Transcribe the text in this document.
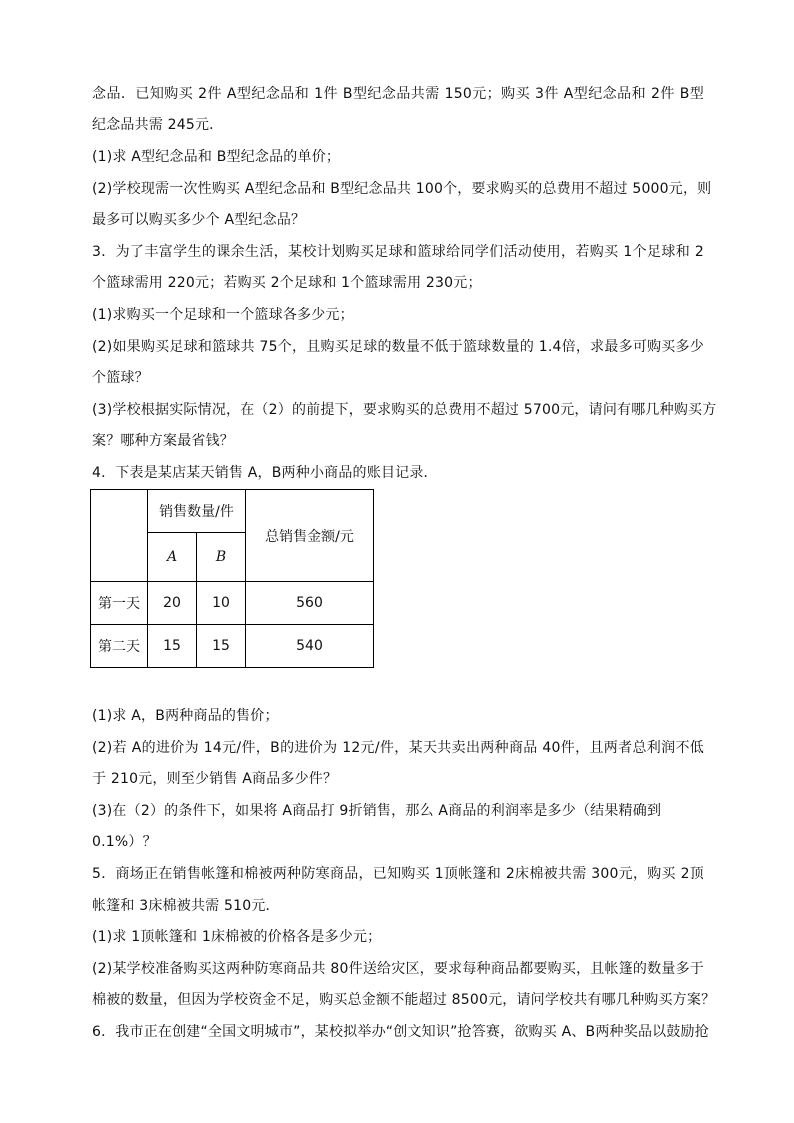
念品．已知购买 2件 A型纪念品和 1件 B型纪念品共需 150元；购买 3件 A型纪念品和 2件 B型
纪念品共需 245元．
(1)求 A型纪念品和 B型纪念品的单价；
(2)学校现需一次性购买 A型纪念品和 B型纪念品共 100个，要求购买的总费用不超过 5000元，则
最多可以购买多少个 A型纪念品？
3．为了丰富学生的课余生活，某校计划购买足球和篮球给同学们活动使用，若购买 1个足球和 2
个篮球需用 220元；若购买 2个足球和 1个篮球需用 230元；
(1)求购买一个足球和一个篮球各多少元；
(2)如果购买足球和篮球共 75个，且购买足球的数量不低于篮球数量的 1.4倍，求最多可购买多少
个篮球？
(3)学校根据实际情况，在（2）的前提下，要求购买的总费用不超过 5700元，请问有哪几种购买方
案？哪种方案最省钱？
4．下表是某店某天销售 A，B两种小商品的账目记录．
	销售数量/件		总销售金额/元
	A	B	
第一天	20	10	560
第二天	15	15	540
(1)求 A，B两种商品的售价；
(2)若 A的进价为 14元/件，B的进价为 12元/件，某天共卖出两种商品 40件，且两者总利润不低
于 210元，则至少销售 A商品多少件？
(3)在（2）的条件下，如果将 A商品打 9折销售，那么 A商品的利润率是多少（结果精确到
0.1%）？
5．商场正在销售帐篷和棉被两种防寒商品，已知购买 1顶帐篷和 2床棉被共需 300元，购买 2顶
帐篷和 3床棉被共需 510元．
(1)求 1顶帐篷和 1床棉被的价格各是多少元；
(2)某学校准备购买这两种防寒商品共 80件送给灾区，要求每种商品都要购买，且帐篷的数量多于
棉被的数量，但因为学校资金不足，购买总金额不能超过 8500元，请问学校共有哪几种购买方案？
6．我市正在创建“全国文明城市”，某校拟举办“创文知识”抢答赛，欲购买 A、B两种奖品以鼓励抢
